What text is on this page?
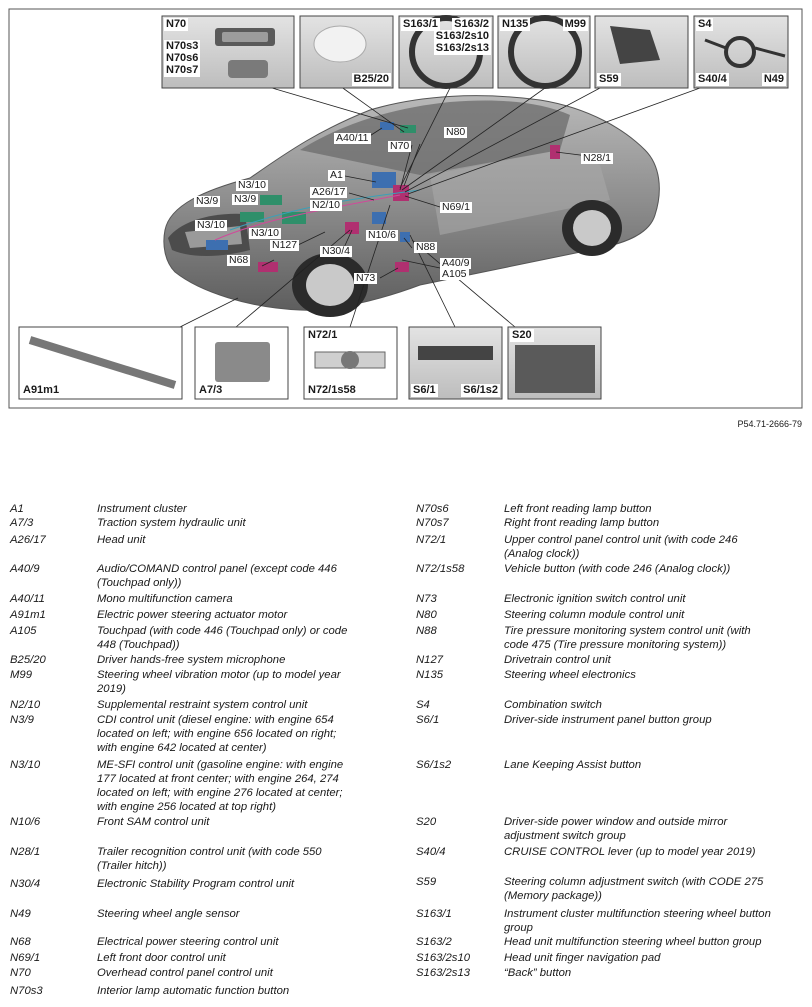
N70
N70s3
N70s6
N70s7
B25/20
S163/1 S163/2
S163/2s10
S163/2s13
N135	M99
S59
S4
S40/4	N49
A91m1	A7/3
N72/1
N72/1s58	S6/1 S6/1s2
S20
A40/11
N70
N80
N28/1
A1
N3/10
A26/17
N3/9 N3/9	N2/10	N69/1
N3/10
N3/10	N10/6
N127	N88
N30/4
N68	A40/9
A105
N73
P54.71-2666-79
A1	Instrument cluster
A7/3	Traction system hydraulic unit
A26/17	Head unit
A40/9	Audio/COMAND control panel (except code 446
(Touchpad only))
A40/11	Mono multifunction camera
A91m1	Electric power steering actuator motor
A105	Touchpad (with code 446 (Touchpad only) or code
448 (Touchpad))
B25/20	Driver hands-free system microphone
M99	Steering wheel vibration motor (up to model year
2019)
N2/10	Supplemental restraint system control unit
N3/9	CDI control unit (diesel engine: with engine 654
located on left; with engine 656 located on right;
with engine 642 located at center)
N3/10	ME-SFI control unit (gasoline engine: with engine
177 located at front center; with engine 264, 274
located on left; with engine 276 located at center;
with engine 256 located at top right)
N10/6	Front SAM control unit
N28/1	Trailer recognition control unit (with code 550
(Trailer hitch))
N30/4	Electronic Stability Program control unit
N49	Steering wheel angle sensor
N68	Electrical power steering control unit
N69/1	Left front door control unit
N70	Overhead control panel control unit
N70s3	Interior lamp automatic function button
N70s6	Left front reading lamp button
N70s7	Right front reading lamp button
N72/1	Upper control panel control unit (with code 246
(Analog clock))
N72/1s58	Vehicle button (with code 246 (Analog clock))
N73	Electronic ignition switch control unit
N80	Steering column module control unit
N88	Tire pressure monitoring system control unit (with
code 475 (Tire pressure monitoring system))
N127	Drivetrain control unit
N135	Steering wheel electronics
S4	Combination switch
S6/1	Driver-side instrument panel button group
S6/1s2	Lane Keeping Assist button
S20	Driver-side power window and outside mirror
adjustment switch group
S40/4	CRUISE CONTROL lever (up to model year 2019)
S59	Steering column adjustment switch (with CODE 275
(Memory package))
S163/1	Instrument cluster multifunction steering wheel button
group
S163/2	Head unit multifunction steering wheel button group
S163/2s10	Head unit finger navigation pad
S163/2s13	“Back” button
